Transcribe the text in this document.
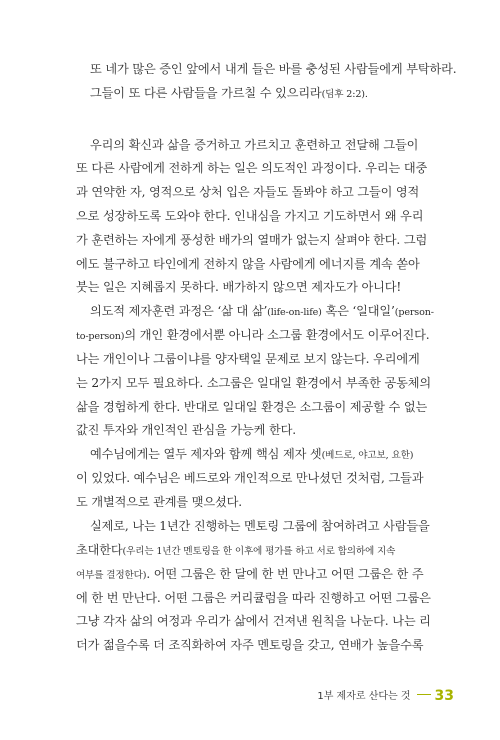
또 네가 많은 증인 앞에서 내게 들은 바를 충성된 사람들에게 부탁하라.
그들이 또 다른 사람들을 가르칠 수 있으리라(딤후 2:2).
우리의 확신과 삶을 증거하고 가르치고 훈련하고 전달해 그들이
또 다른 사람에게 전하게 하는 일은 의도적인 과정이다. 우리는 대중
과 연약한 자, 영적으로 상처 입은 자들도 돌봐야 하고 그들이 영적
으로 성장하도록 도와야 한다. 인내심을 가지고 기도하면서 왜 우리
가 훈련하는 자에게 풍성한 배가의 열매가 없는지 살펴야 한다. 그럼
에도 불구하고 타인에게 전하지 않을 사람에게 에너지를 계속 쏟아
붓는 일은 지혜롭지 못하다. 배가하지 않으면 제자도가 아니다!
의도적 제자훈련 과정은 ‘삶 대 삶’(life-on-life) 혹은 ‘일대일’(person-
to-person)의 개인 환경에서뿐 아니라 소그룹 환경에서도 이루어진다.
나는 개인이나 그룹이냐를 양자택일 문제로 보지 않는다. 우리에게
는 2가지 모두 필요하다. 소그룹은 일대일 환경에서 부족한 공동체의
삶을 경험하게 한다. 반대로 일대일 환경은 소그룹이 제공할 수 없는
값진 투자와 개인적인 관심을 가능케 한다.
예수님에게는 열두 제자와 함께 핵심 제자 셋(베드로, 야고보, 요한)
이 있었다. 예수님은 베드로와 개인적으로 만나셨던 것처럼, 그들과
도 개별적으로 관계를 맺으셨다.
실제로, 나는 1년간 진행하는 멘토링 그룹에 참여하려고 사람들을
초대한다(우리는 1년간 멘토링을 한 이후에 평가를 하고 서로 합의하에 지속
여부를 결정한다). 어떤 그룹은 한 달에 한 번 만나고 어떤 그룹은 한 주
에 한 번 만난다. 어떤 그룹은 커리큘럼을 따라 진행하고 어떤 그룹은
그냥 각자 삶의 여정과 우리가 삶에서 건져낸 원칙을 나눈다. 나는 리
더가 젊을수록 더 조직화하여 자주 멘토링을 갖고, 연배가 높을수록
1부 제자로 산다는 것 33
